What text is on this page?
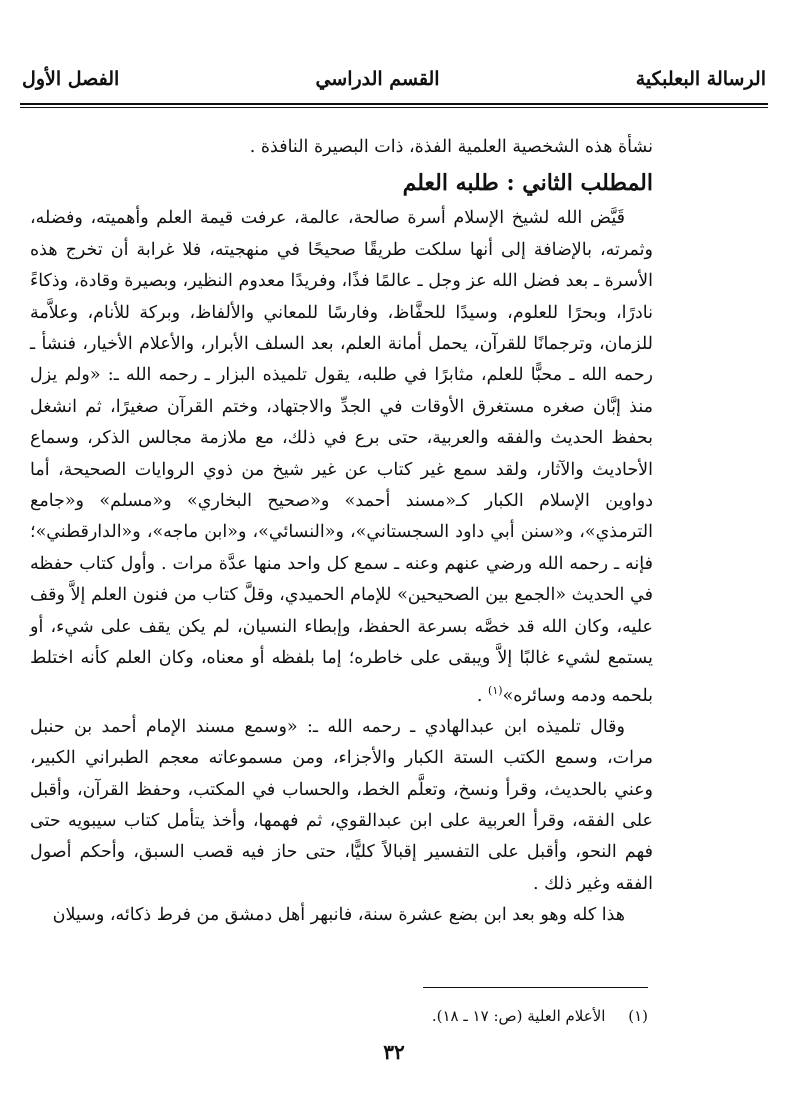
الرسالة البعلبكية
القسم الدراسي
الفصل الأول

نشأة هذه الشخصية العلمية الفذة، ذات البصيرة النافذة .

المطلب الثاني : طلبه العلم

قَيَّض الله لشيخ الإسلام أسرة صالحة، عالمة، عرفت قيمة العلم وأهميته، وفضله، وثمرته، بالإضافة إلى أنها سلكت طريقًا صحيحًا في منهجيته، فلا غرابة أن تخرج هذه الأسرة ـ بعد فضل الله عز وجل ـ عالمًا فذًا، وفريدًا معدوم النظير، وبصيرة وقادة، وذكاءً نادرًا، وبحرًا للعلوم، وسيدًا للحفَّاظ، وفارسًا للمعاني والألفاظ، وبركة للأنام، وعلاَّمة للزمان، وترجمانًا للقرآن، يحمل أمانة العلم، بعد السلف الأبرار، والأعلام الأخيار، فنشأ ـ رحمه الله ـ محبًّا للعلم، مثابرًا في طلبه، يقول تلميذه البزار ـ رحمه الله ـ: «ولم يزل منذ إبَّان صغره مستغرق الأوقات في الجدِّ والاجتهاد، وختم القرآن صغيرًا، ثم انشغل بحفظ الحديث والفقه والعربية، حتى برع في ذلك، مع ملازمة مجالس الذكر، وسماع الأحاديث والآثار، ولقد سمع غير كتاب عن غير شيخ من ذوي الروايات الصحيحة، أما دواوين الإسلام الكبار كـ«مسند أحمد» و«صحيح البخاري» و«مسلم» و«جامع الترمذي»، و«سنن أبي داود السجستاني»، و«النسائي»، و«ابن ماجه»، و«الدارقطني»؛ فإنه ـ رحمه الله ورضي عنهم وعنه ـ سمع كل واحد منها عدَّة مرات . وأول كتاب حفظه في الحديث «الجمع بين الصحيحين» للإمام الحميدي، وقلَّ كتاب من فنون العلم إلاَّ وقف عليه، وكان الله قد خصَّه بسرعة الحفظ، وإبطاء النسيان، لم يكن يقف على شيء، أو يستمع لشيء غالبًا إلاَّ ويبقى على خاطره؛ إما بلفظه أو معناه، وكان العلم كأنه اختلط بلحمه ودمه وسائره»$^{(١)}$ .

وقال تلميذه ابن عبدالهادي ـ رحمه الله ـ: «وسمع مسند الإمام أحمد بن حنبل مرات، وسمع الكتب الستة الكبار والأجزاء، ومن مسموعاته معجم الطبراني الكبير، وعني بالحديث، وقرأ ونسخ، وتعلَّم الخط، والحساب في المكتب، وحفظ القرآن، وأقبل على الفقه، وقرأ العربية على ابن عبدالقوي، ثم فهمها، وأخذ يتأمل كتاب سيبويه حتى فهم النحو، وأقبل على التفسير إقبالاً كليًّا، حتى حاز فيه قصب السبق، وأحكم أصول الفقه وغير ذلك .

هذا كله وهو بعد ابن بضع عشرة سنة، فانبهر أهل دمشق من فرط ذكائه، وسيلان

(١) الأعلام العلية (ص: ١٧ ـ ١٨).
٣٢
